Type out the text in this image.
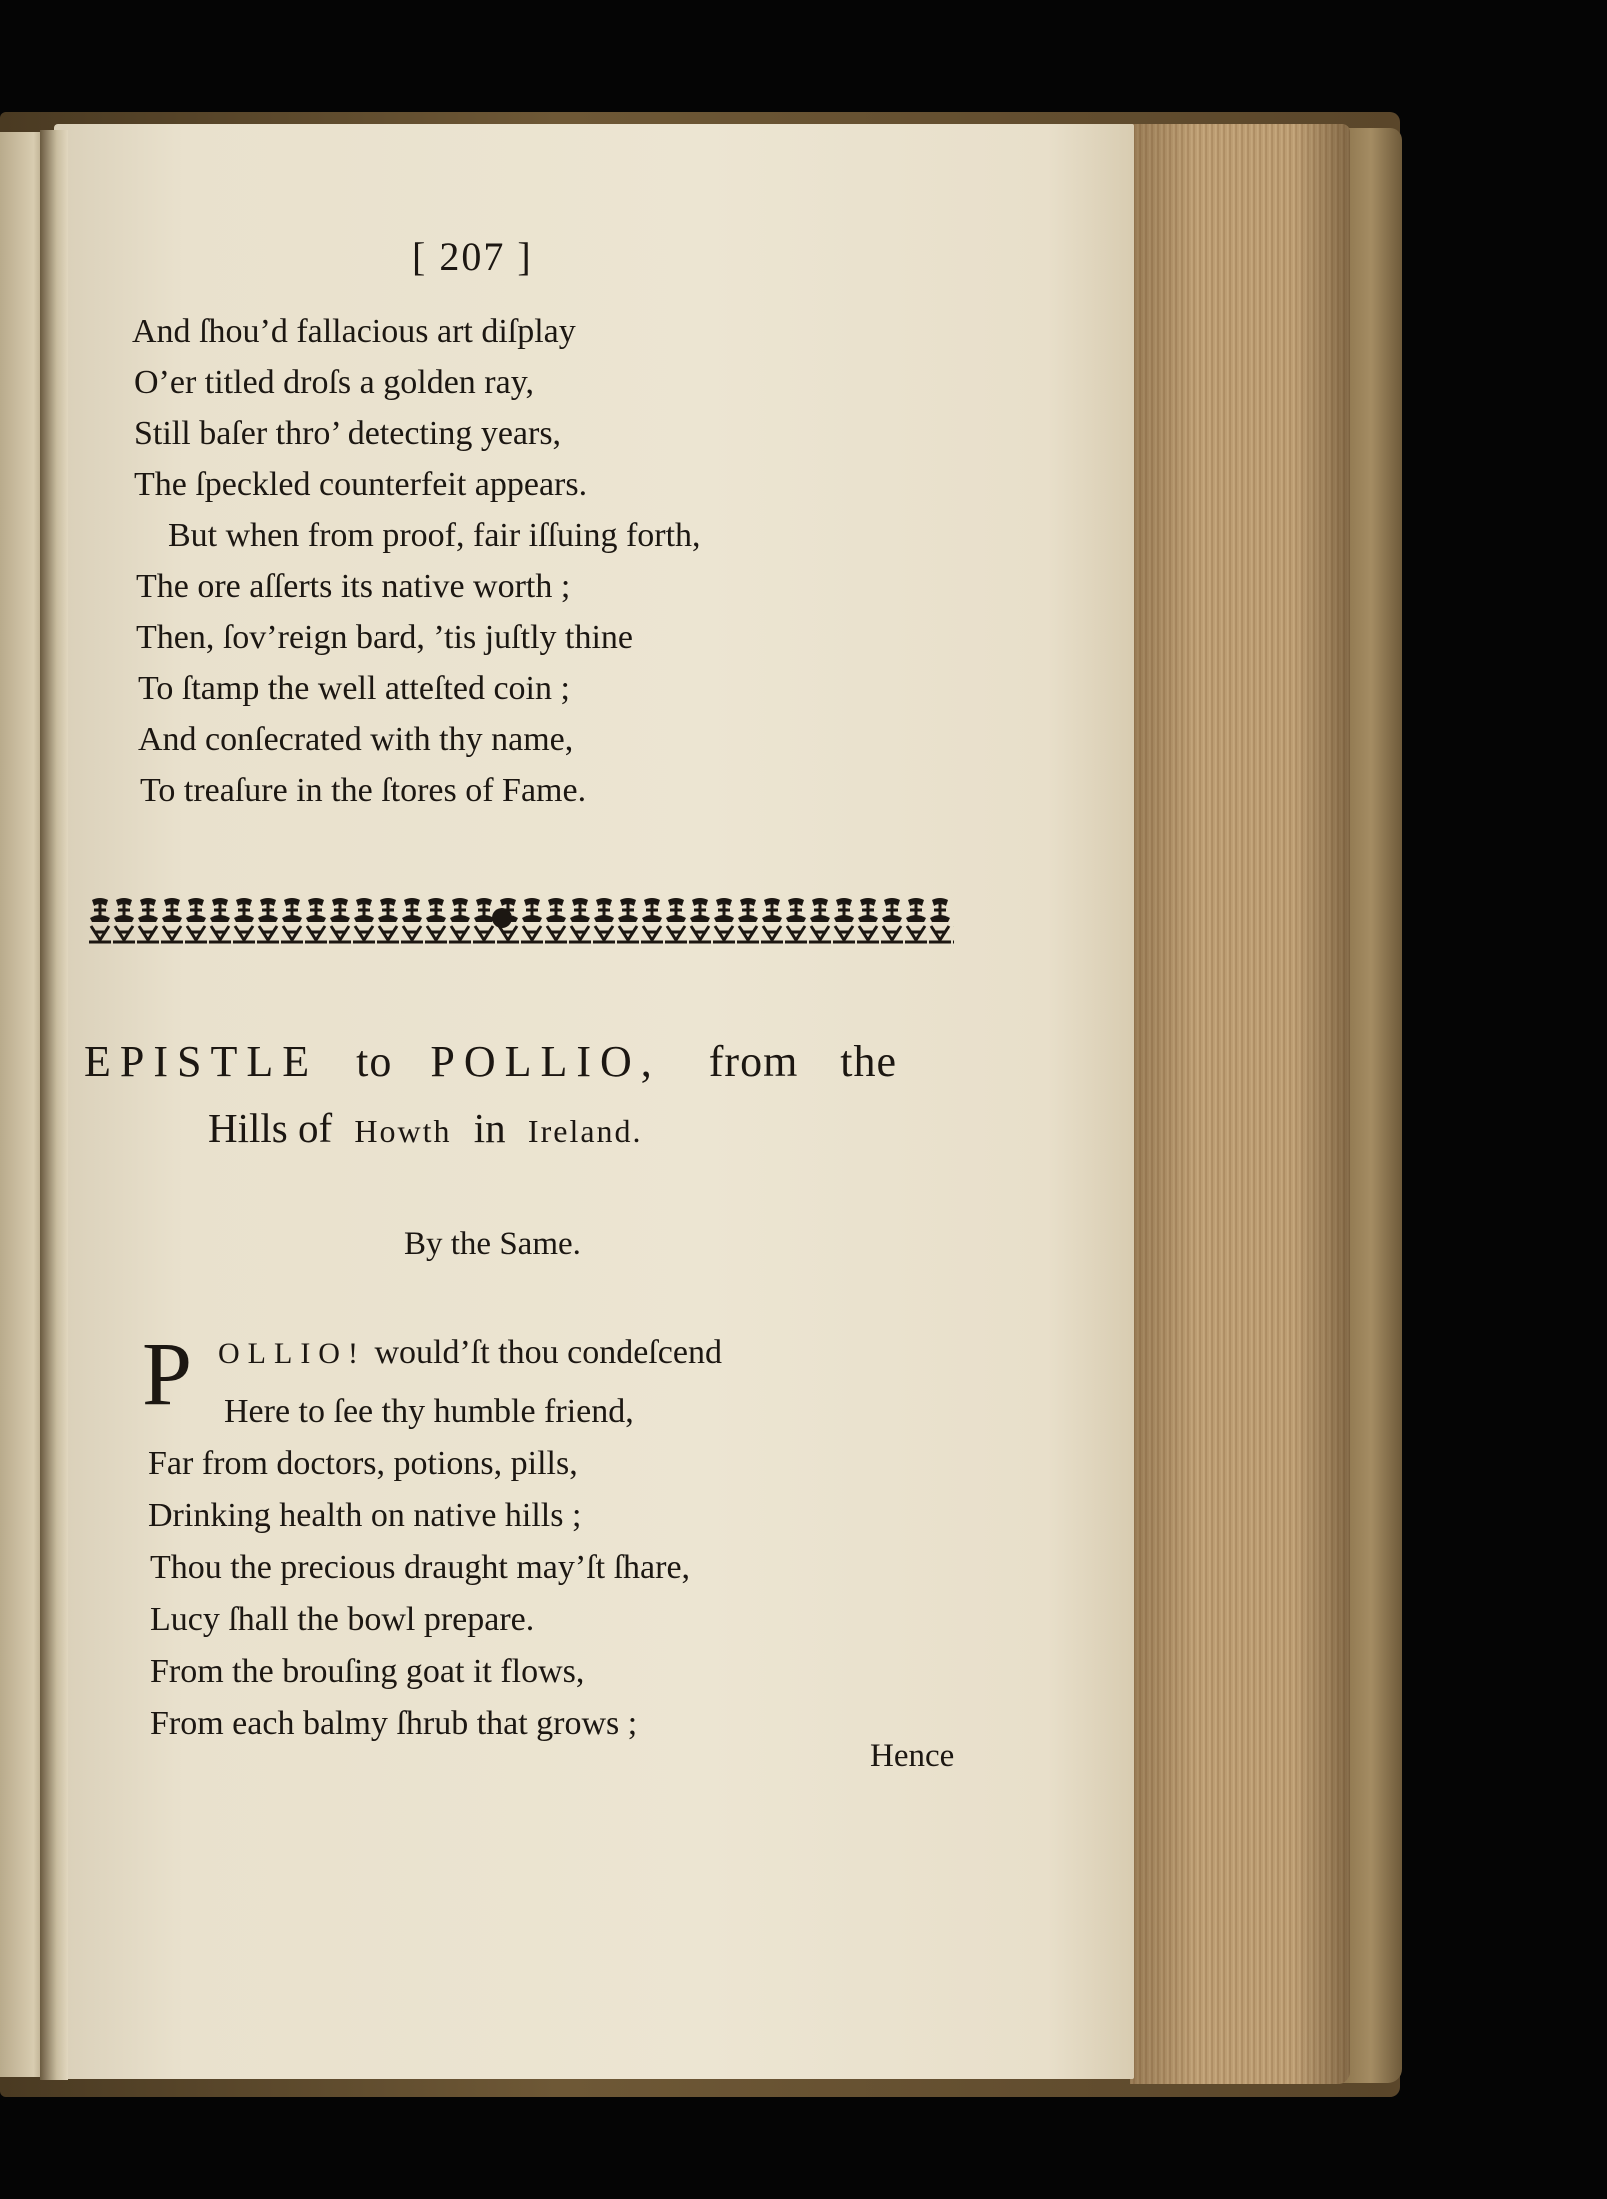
[ 207 ]
And ſhou’d fallacious art diſplay
O’er titled droſs a golden ray,
Still baſer thro’ detecting years,
The ſpeckled counterfeit appears.
But when from proof, fair iſſuing forth,
The ore aſſerts its native worth ;
Then, ſov’reign bard, ’tis juſtly thine
To ſtamp the well atteſted coin ;
And conſecrated with thy name,
To treaſure in the ſtores of Fame.
EPISTLE to POLLIO, from the
Hills of Howth in Ireland.
By the Same.
P OLLIO! would’ſt thou condeſcend
Here to ſee thy humble friend,
Far from doctors, potions, pills,
Drinking health on native hills ;
Thou the precious draught may’ſt ſhare,
Lucy ſhall the bowl prepare.
From the brouſing goat it flows,
From each balmy ſhrub that grows ;
Hence
